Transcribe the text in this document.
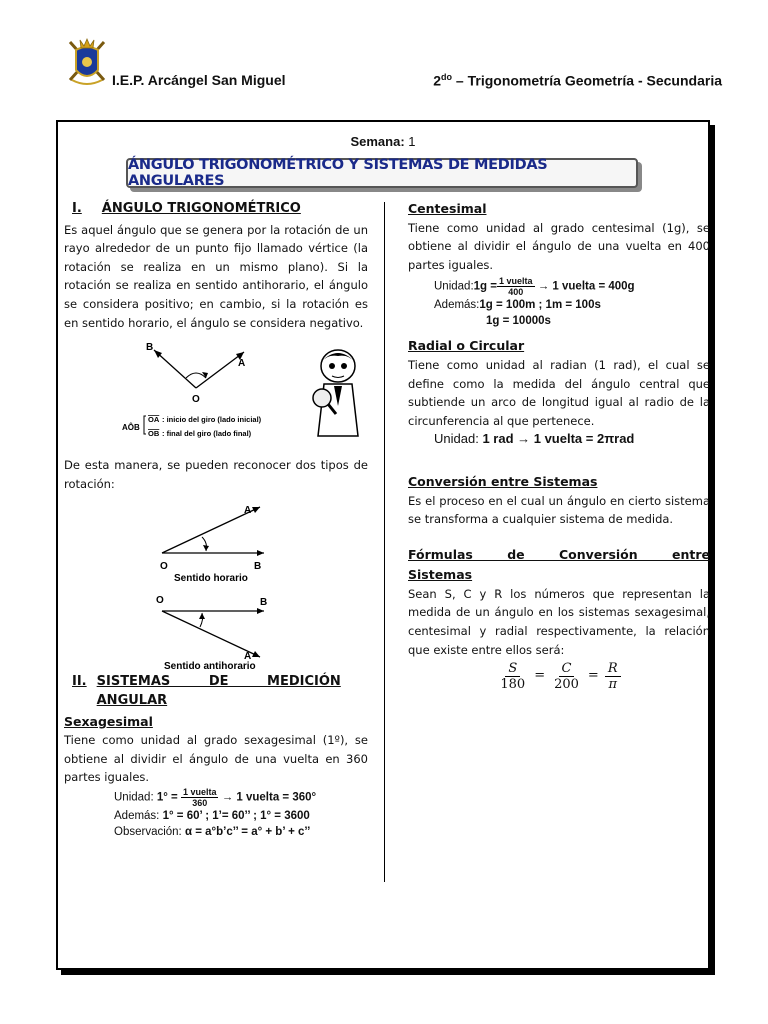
I.E.P. Arcángel San Miguel	$2^{do}$ – Trigonometría Geometría - Secundaria
Semana: 1
ÁNGULO TRIGONOMÉTRICO Y SISTEMAS DE MEDIDAS ANGULARES
I. ÁNGULO TRIGONOMÉTRICO

Es aquel ángulo que se genera por la rotación de un rayo alrededor de un punto fijo llamado vértice (la rotación se realiza en un mismo plano). Si la rotación se realiza en sentido antihorario, el ángulo se considera positivo; en cambio, si la rotación es en sentido horario, el ángulo se considera negativo.

B
A
O
AÔB
OA : inicio del giro (lado inicial)
OB : final del giro (lado final)

De esta manera, se pueden reconocer dos tipos de rotación:

A
O	B
Sentido horario
O	B
A
Sentido antihorario
II. SISTEMAS DE MEDICIÓN
ANGULAR
Sexagesimal

Tiene como unidad al grado sexagesimal (1º), se obtiene al dividir el ángulo de una vuelta en 360 partes iguales.

Unidad: $1^\circ = \frac{\text{1 vuelta}}{360} \to 1$ vuelta = 360°
Además: 1° = 60’ ; 1’= 60’’ ; 1° = 3600
Observación: α = a°b’c’’ = a° + b’ + c’’
Centesimal

Tiene como unidad al grado centesimal (1g), se obtiene al dividir el ángulo de una vuelta en 400 partes iguales.

Unidad:1g = $\frac{\text{1 vuelta}}{400} \to 1$ vuelta = 400g
Además:1g = 100m ; 1m = 100s
1g = 10000s
Radial o Circular

Tiene como unidad al radian (1 rad), el cual se define como la medida del ángulo central que subtiende un arco de longitud igual al radio de la circunferencia al que pertenece.

Unidad: 1 rad → 1 vuelta = 2πrad
Conversión entre Sistemas

Es el proceso en el cual un ángulo en cierto sistema se transforma a cualquier sistema de medida.

Fórmulas de Conversión entre
Sistemas

Sean S, C y R los números que representan la medida de un ángulo en los sistemas sexagesimal, centesimal y radial respectivamente, la relación que existe entre ellos será:

$\frac{S}{180} = \frac{C}{200} = \frac{R}{\pi}$
